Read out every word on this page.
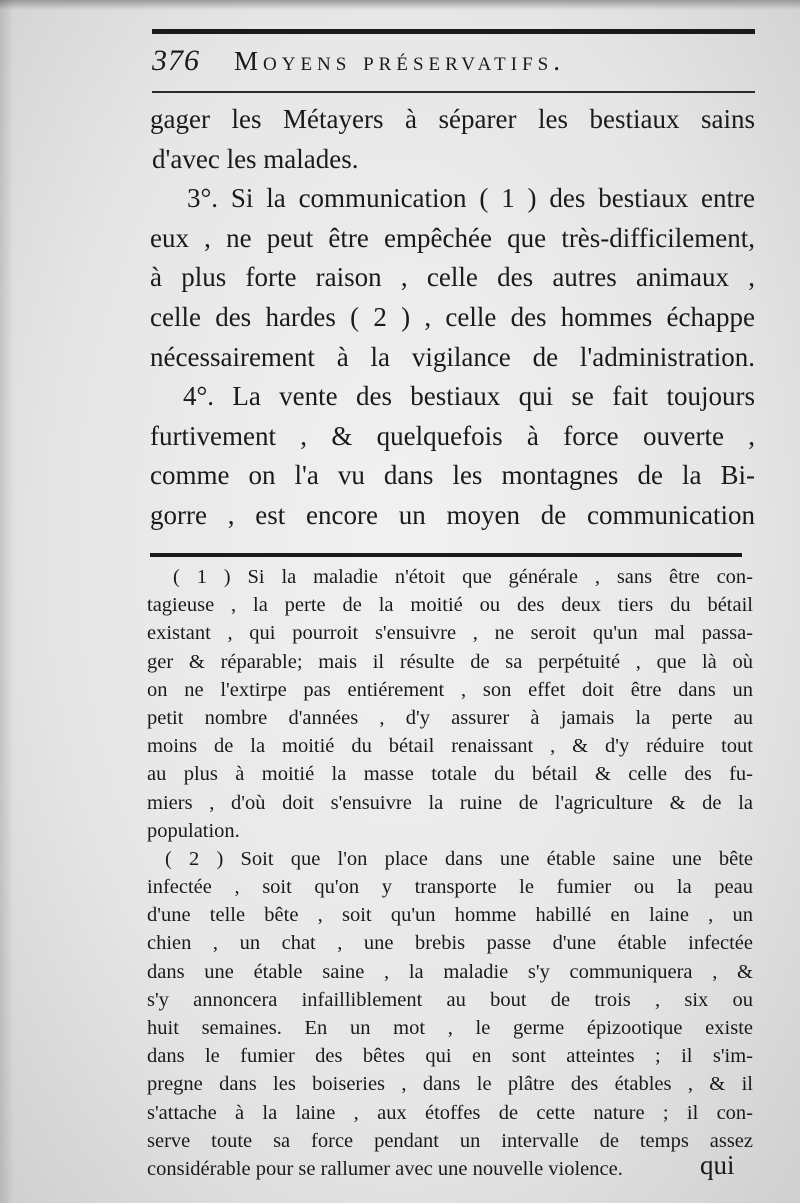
376 Moyens préservatifs.
gager les Métayers à séparer les bestiaux sains
d'avec les malades.
3°. Si la communication ( 1 ) des bestiaux entre
eux , ne peut être empêchée que très-difficilement,
à plus forte raison , celle des autres animaux ,
celle des hardes ( 2 ) , celle des hommes échappe
nécessairement à la vigilance de l'administration.
4°. La vente des bestiaux qui se fait toujours
furtivement , & quelquefois à force ouverte ,
comme on l'a vu dans les montagnes de la Bi-
gorre , est encore un moyen de communication
( 1 ) Si la maladie n'étoit que générale , sans être con-
tagieuse , la perte de la moitié ou des deux tiers du bétail
existant , qui pourroit s'ensuivre , ne seroit qu'un mal passa-
ger & réparable; mais il résulte de sa perpétuité , que là où
on ne l'extirpe pas entiérement , son effet doit être dans un
petit nombre d'années , d'y assurer à jamais la perte au
moins de la moitié du bétail renaissant , & d'y réduire tout
au plus à moitié la masse totale du bétail & celle des fu-
miers , d'où doit s'ensuivre la ruine de l'agriculture & de la
population.
( 2 ) Soit que l'on place dans une étable saine une bête
infectée , soit qu'on y transporte le fumier ou la peau
d'une telle bête , soit qu'un homme habillé en laine , un
chien , un chat , une brebis passe d'une étable infectée
dans une étable saine , la maladie s'y communiquera , &
s'y annoncera infailliblement au bout de trois , six ou
huit semaines. En un mot , le germe épizootique existe
dans le fumier des bêtes qui en sont atteintes ; il s'im-
pregne dans les boiseries , dans le plâtre des étables , & il
s'attache à la laine , aux étoffes de cette nature ; il con-
serve toute sa force pendant un intervalle de temps assez
considérable pour se rallumer avec une nouvelle violence.	qui
